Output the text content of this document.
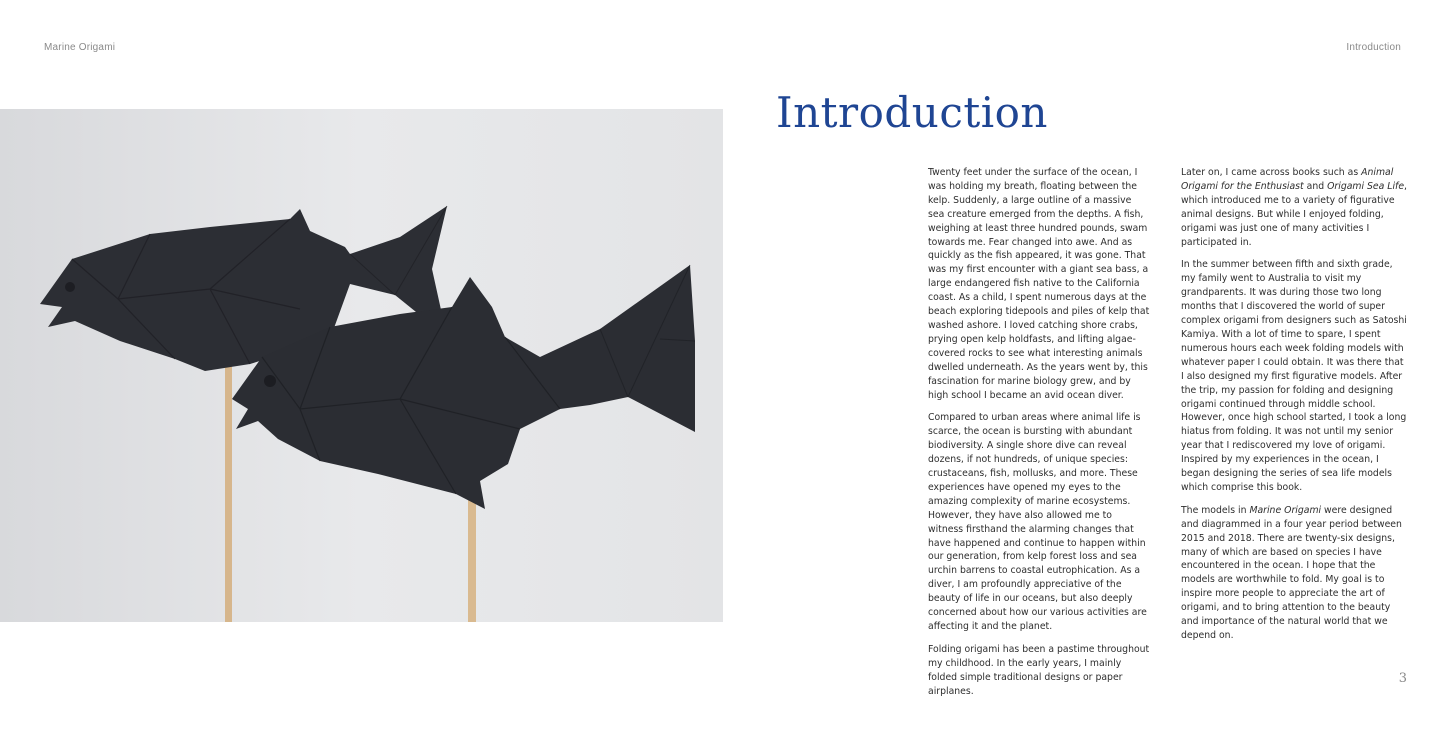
Marine Origami	Introduction
Introduction

Twenty feet under the surface of the ocean, I was holding my breath, floating between the kelp. Suddenly, a large outline of a massive sea creature emerged from the depths. A fish, weighing at least three hundred pounds, swam towards me. Fear changed into awe. And as quickly as the fish appeared, it was gone. That was my first encounter with a giant sea bass, a large endangered fish native to the California coast. As a child, I spent numerous days at the beach exploring tidepools and piles of kelp that washed ashore. I loved catching shore crabs, prying open kelp holdfasts, and lifting algae-covered rocks to see what interesting animals dwelled underneath. As the years went by, this fascination for marine biology grew, and by high school I became an avid ocean diver.

Compared to urban areas where animal life is scarce, the ocean is bursting with abundant biodiversity. A single shore dive can reveal dozens, if not hundreds, of unique species: crustaceans, fish, mollusks, and more. These experiences have opened my eyes to the amazing complexity of marine ecosystems. However, they have also allowed me to witness firsthand the alarming changes that have happened and continue to happen within our generation, from kelp forest loss and sea urchin barrens to coastal eutrophication. As a diver, I am profoundly appreciative of the beauty of life in our oceans, but also deeply concerned about how our various activities are affecting it and the planet.

Folding origami has been a pastime throughout my childhood. In the early years, I mainly folded simple traditional designs or paper airplanes.

Later on, I came across books such as Animal Origami for the Enthusiast and Origami Sea Life, which introduced me to a variety of figurative animal designs. But while I enjoyed folding, origami was just one of many activities I participated in.

In the summer between fifth and sixth grade, my family went to Australia to visit my grandparents. It was during those two long months that I discovered the world of super complex origami from designers such as Satoshi Kamiya. With a lot of time to spare, I spent numerous hours each week folding models with whatever paper I could obtain. It was there that I also designed my first figurative models. After the trip, my passion for folding and designing origami continued through middle school. However, once high school started, I took a long hiatus from folding. It was not until my senior year that I rediscovered my love of origami. Inspired by my experiences in the ocean, I began designing the series of sea life models which comprise this book.

The models in Marine Origami were designed and diagrammed in a four year period between 2015 and 2018. There are twenty-six designs, many of which are based on species I have encountered in the ocean. I hope that the models are worthwhile to fold. My goal is to inspire more people to appreciate the art of origami, and to bring attention to the beauty and importance of the natural world that we depend on.

3
